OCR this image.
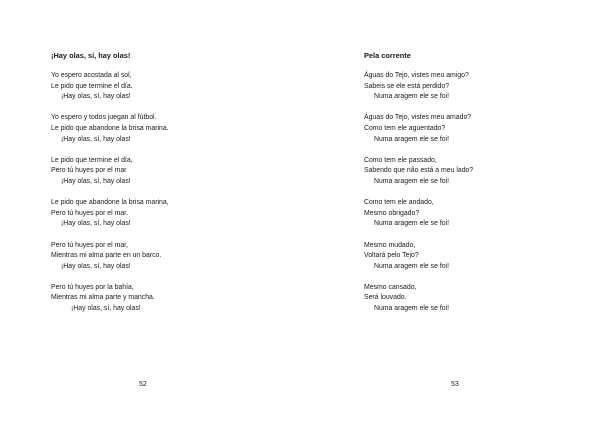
¡Hay olas, sí, hay olas!
Yo espero acostada al sol,
Le pido que termine el día.
¡Hay olas, sí, hay olas!
Yo espero y todos juegan al fútbol.
Le pido que abandone la brisa marina.
¡Hay olas, sí, hay olas!
Le pido que termine el día,
Pero tú huyes por el mar
¡Hay olas, sí, hay olas!
Le pido que abandone la brisa marina,
Pero tú huyes por el mar.
¡Hay olas, sí, hay olas!
Pero tú huyes por el mar,
Mientras mi alma parte en un barco.
¡Hay olas, sí, hay olas!
Pero tú huyes por la bahía,
Mientras mi alma parte y mancha.
¡Hay olas, sí, hay olas!
52
Pela corrente
Águas do Tejo, vistes meu amigo?
Sabeis se ele está perdido?
Numa aragem ele se foi!
Águas do Tejo, vistes meu amado?
Como tem ele aguentado?
Numa aragem ele se foi!
Como tem ele passado,
Sabendo que não está a meu lado?
Numa aragem ele se foi!
Como tem ele andado,
Mesmo obrigado?
Numa aragem ele se foi!
Mesmo mudado,
Voltará pelo Tejo?
Numa aragem ele se foi!
Mesmo cansado,
Será louvado.
Numa aragem ele se foi!
53
